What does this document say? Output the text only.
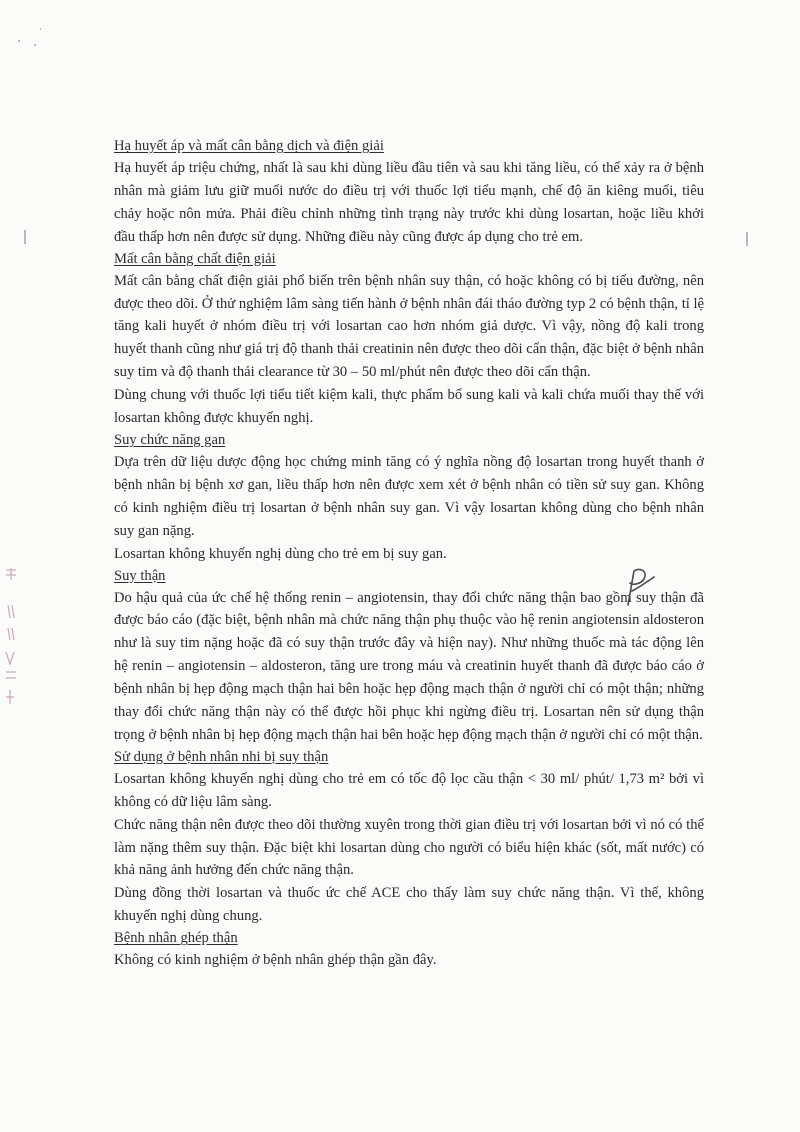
Hạ huyết áp và mất cân bằng dịch và điện giải

Hạ huyết áp triệu chứng, nhất là sau khi dùng liều đầu tiên và sau khi tăng liều, có thể xảy ra ở bệnh nhân mà giảm lưu giữ muối nước do điều trị với thuốc lợi tiểu mạnh, chế độ ăn kiêng muối, tiêu chảy hoặc nôn mửa. Phải điều chỉnh những tình trạng này trước khi dùng losartan, hoặc liều khởi đầu thấp hơn nên được sử dụng. Những điều này cũng được áp dụng cho trẻ em.

Mất cân bằng chất điện giải

Mất cân bằng chất điện giải phổ biến trên bệnh nhân suy thận, có hoặc không có bị tiểu đường, nên được theo dõi. Ở thử nghiệm lâm sàng tiến hành ở bệnh nhân đái tháo đường typ 2 có bệnh thận, tỉ lệ tăng kali huyết ở nhóm điều trị với losartan cao hơn nhóm giả dược. Vì vậy, nồng độ kali trong huyết thanh cũng như giá trị độ thanh thải creatinin nên được theo dõi cẩn thận, đặc biệt ở bệnh nhân suy tim và độ thanh thải clearance từ 30 – 50 ml/phút nên được theo dõi cẩn thận.

Dùng chung với thuốc lợi tiểu tiết kiệm kali, thực phẩm bổ sung kali và kali chứa muối thay thế với losartan không được khuyến nghị.

Suy chức năng gan

Dựa trên dữ liệu dược động học chứng minh tăng có ý nghĩa nồng độ losartan trong huyết thanh ở bệnh nhân bị bệnh xơ gan, liều thấp hơn nên được xem xét ở bệnh nhân có tiền sử suy gan. Không có kinh nghiệm điều trị losartan ở bệnh nhân suy gan. Vì vậy losartan không dùng cho bệnh nhân suy gan nặng.

Losartan không khuyến nghị dùng cho trẻ em bị suy gan.

Suy thận

Do hậu quả của ức chế hệ thống renin – angiotensin, thay đổi chức năng thận bao gồm suy thận đã được báo cáo (đặc biệt, bệnh nhân mà chức năng thận phụ thuộc vào hệ renin angiotensin aldosteron như là suy tim nặng hoặc đã có suy thận trước đây và hiện nay). Như những thuốc mà tác động lên hệ renin – angiotensin – aldosteron, tăng ure trong máu và creatinin huyết thanh đã được báo cáo ở bệnh nhân bị hẹp động mạch thận hai bên hoặc hẹp động mạch thận ở người chỉ có một thận; những thay đổi chức năng thận này có thể được hồi phục khi ngừng điều trị. Losartan nên sử dụng thận trọng ở bệnh nhân bị hẹp động mạch thận hai bên hoặc hẹp động mạch thận ở người chỉ có một thận.

Sử dụng ở bệnh nhân nhi bị suy thận

Losartan không khuyến nghị dùng cho trẻ em có tốc độ lọc cầu thận < 30 ml/ phút/ 1,73 m² bởi vì không có dữ liệu lâm sàng.

Chức năng thận nên được theo dõi thường xuyên trong thời gian điều trị với losartan bởi vì nó có thể làm nặng thêm suy thận. Đặc biệt khi losartan dùng cho người có biểu hiện khác (sốt, mất nước) có khả năng ảnh hưởng đến chức năng thận.

Dùng đồng thời losartan và thuốc ức chế ACE cho thấy làm suy chức năng thận. Vì thế, không khuyến nghị dùng chung.

Bệnh nhân ghép thận

Không có kinh nghiệm ở bệnh nhân ghép thận gần đây.
